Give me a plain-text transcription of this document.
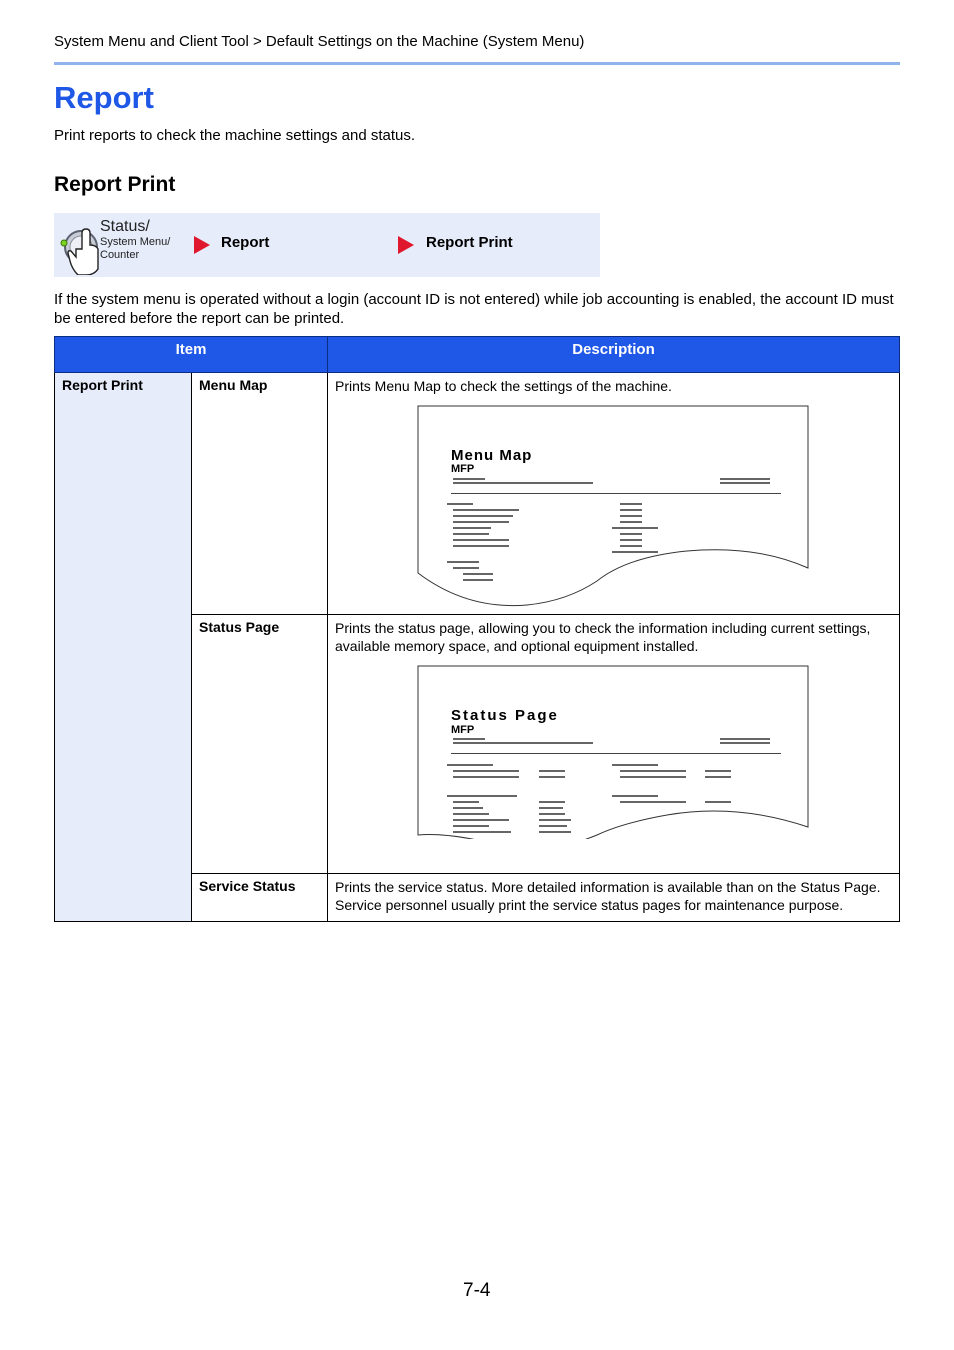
System Menu and Client Tool > Default Settings on the Machine (System Menu)
Report
Print reports to check the machine settings and status.
Report Print
Status/
System Menu/
Counter
Report	Report Print
If the system menu is operated without a login (account ID is not entered) while job accounting is enabled, the account ID must be entered before the report can be printed.
Item		Description
Report Print	Menu Map	Prints Menu Map to check the settings of the machine.
Menu Map
MFP

	Status Page	Prints the status page, allowing you to check the information including current settings, available memory space, and optional equipment installed.
Status Page
MFP

	Service Status	Prints the service status. More detailed information is available than on the Status Page. Service personnel usually print the service status pages for maintenance purpose.
7-4
